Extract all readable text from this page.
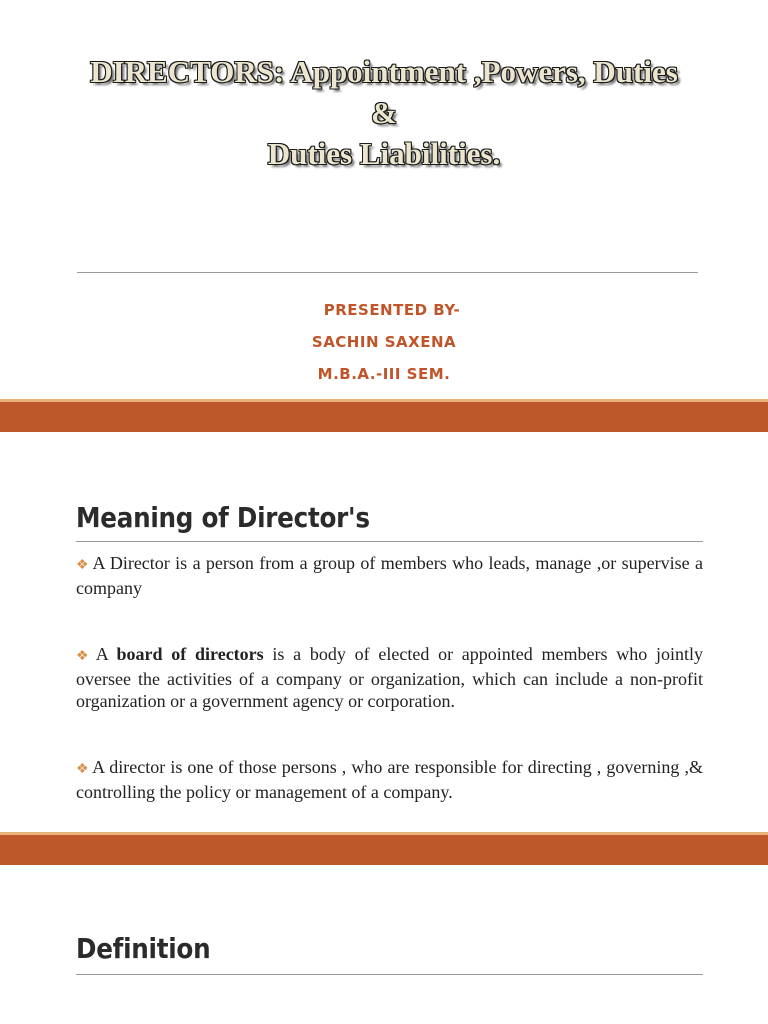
DIRECTORS: Appointment ,Powers, Duties
&
Duties Liabilities.
PRESENTED BY-
SACHIN SAXENA
M.B.A.-III SEM.
Meaning of Director's
❖ A Director is a person from a group of members who leads, manage ,or supervise a company
❖ A board of directors is a body of elected or appointed members who jointly oversee the activities of a company or organization, which can include a non-profit organization or a government agency or corporation.
❖ A director is one of those persons , who are responsible for directing , governing ,& controlling the policy or management of a company.
Definition
